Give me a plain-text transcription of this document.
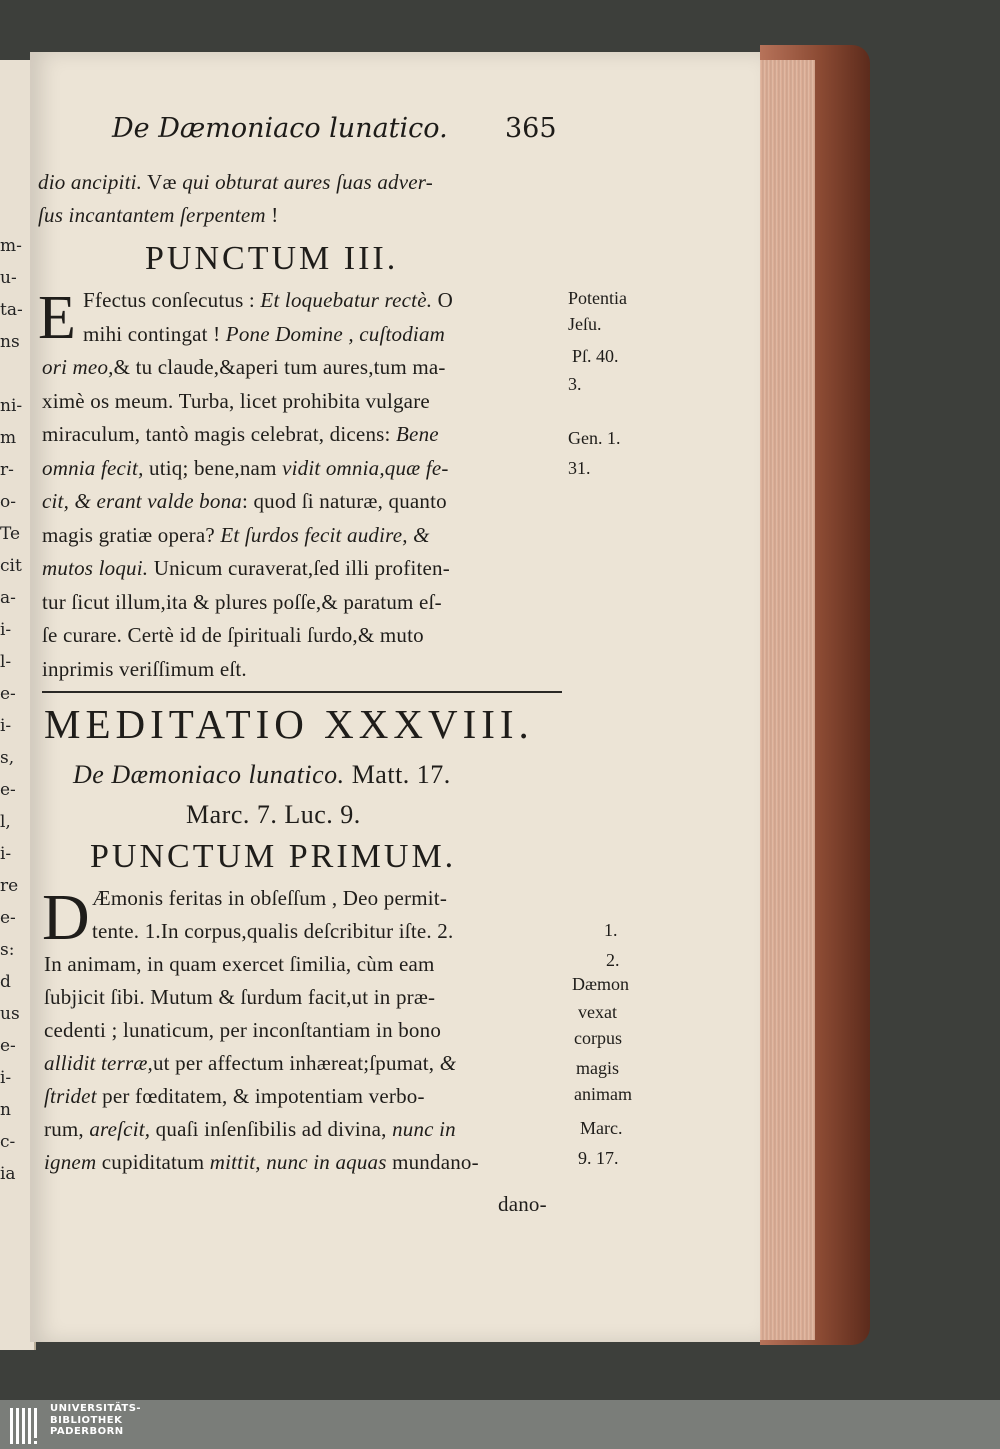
m-
u-
ta-
ns
ni-
m
r-
o-
Te
cit
a-
i-
l-
e-
i-
s,
e-
l,
i-
re
e-
s:
d
us
e-
i-
n
c-
ia
De Dæmoniaco lunatico. 365
dio ancipiti. Væ qui obturat aures ſuas adver-
ſus incantantem ſerpentem !
PUNCTUM III.
E Ffectus conſecutus : Et loquebatur rectè. O
mihi contingat ! Pone Domine , cuſtodiam
ori meo,& tu claude,&aperi tum aures,tum ma-
ximè os meum. Turba, licet prohibita vulgare
miraculum, tantò magis celebrat, dicens: Bene
omnia fecit, utiq; bene,nam vidit omnia,quæ fe-
cit, & erant valde bona: quod ſi naturæ, quanto
magis gratiæ opera? Et ſurdos fecit audire, &
mutos loqui. Unicum curaverat,ſed illi profiten-
tur ſicut illum,ita & plures poſſe,& paratum eſ-
ſe curare. Certè id de ſpirituali ſurdo,& muto
inprimis veriſſimum eſt.
Potentia
Jeſu.
Pſ. 40.
3.
Gen. 1.
31.
MEDITATIO XXXVIII.
De Dæmoniaco lunatico. Matt. 17.
Marc. 7. Luc. 9.
PUNCTUM PRIMUM.
D Æmonis feritas in obſeſſum , Deo permit-
tente. 1.In corpus,qualis deſcribitur iſte. 2.
In animam, in quam exercet ſimilia, cùm eam
ſubjicit ſibi. Mutum & ſurdum facit,ut in præ-
cedenti ; lunaticum, per inconſtantiam in bono
allidit terræ,ut per affectum inhæreat;ſpumat, &
ſtridet per fœditatem, & impotentiam verbo-
rum, areſcit, quaſi inſenſibilis ad divina, nunc in
ignem cupiditatum mittit, nunc in aquas mundano-
1.
2.
Dæmon
vexat
corpus
magis
animam
Marc.
9. 17.
dano-
UNIVERSITÄTS-
BIBLIOTHEK
PADERBORN
